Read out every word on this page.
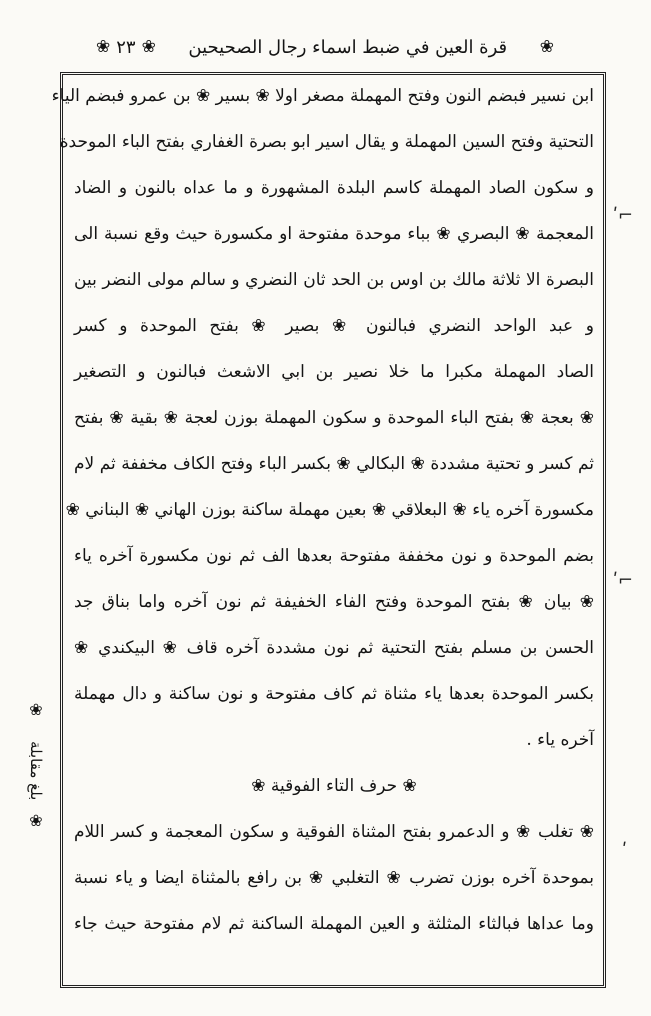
❀
قرة العين في ضبط اسماء رجال الصحيحين
❀
٢٣
❀
ابن نسير فبضم النون وفتح المهملة مصغر اولا ❀ بسير ❀ بن عمرو فبضم الياء
التحتية وفتح السين المهملة و يقال اسير ابو بصرة الغفاري بفتح الباء الموحدة
و سكون الصاد المهملة كاسم البلدة المشهورة و ما عداه بالنون و الضاد
المعجمة ❀ البصري ❀ بباء موحدة مفتوحة او مكسورة حيث وقع نسبة الى
البصرة الا ثلاثة مالك بن اوس بن الحد ثان النضري و سالم مولى النضر بين
و عبد الواحد النضري فبالنون ❀ بصير ❀ بفتح الموحدة و كسر
الصاد المهملة مكبرا ما خلا نصير بن ابي الاشعث فبالنون و التصغير
❀ بعجة ❀ بفتح الباء الموحدة و سكون المهملة بوزن لعجة ❀ بقية ❀ بفتح
ثم كسر و تحتية مشددة ❀ البكالي ❀ بكسر الباء وفتح الكاف مخففة ثم لام
مكسورة آخره ياء ❀ البعلاقي ❀ بعين مهملة ساكنة بوزن الهاني ❀ البناني ❀
بضم الموحدة و نون مخففة مفتوحة بعدها الف ثم نون مكسورة آخره ياء
❀ بيان ❀ بفتح الموحدة وفتح الفاء الخفيفة ثم نون آخره واما بناق جد
الحسن بن مسلم بفتح التحتية ثم نون مشددة آخره قاف ❀ البيكندي ❀
بكسر الموحدة بعدها ياء مثناة ثم كاف مفتوحة و نون ساكنة و دال مهملة
آخره ياء .
❀ حرف التاء الفوقية ❀
❀ تغلب ❀ و الدعمرو بفتح المثناة الفوقية و سكون المعجمة و كسر اللام
بموحدة آخره بوزن تضرب ❀ التغلبي ❀ بن رافع بالمثناة ايضا و ياء نسبة
وما عداها فبالثاء المثلثة و العين المهملة الساكنة ثم لام مفتوحة حيث جاء
ʹ⌐
ʹ⌐
ʹ
❀
بلغ مقابلة
❀
